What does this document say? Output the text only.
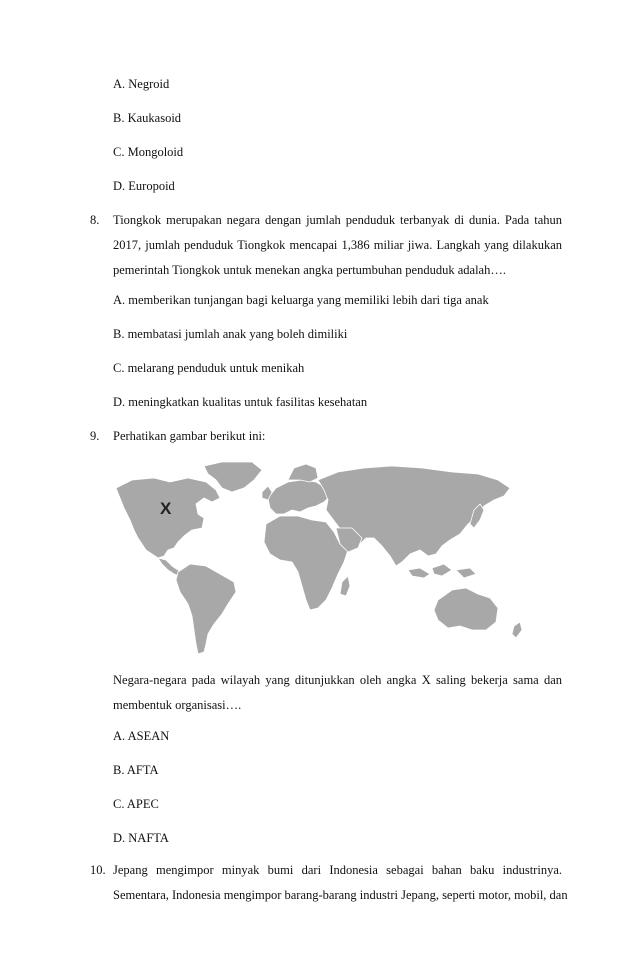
A. Negroid
B. Kaukasoid
C. Mongoloid
D. Europoid
8. Tiongkok merupakan negara dengan jumlah penduduk terbanyak di dunia. Pada tahun
2017, jumlah penduduk Tiongkok mencapai 1,386 miliar jiwa. Langkah yang dilakukan
pemerintah Tiongkok untuk menekan angka pertumbuhan penduduk adalah….
A. memberikan tunjangan bagi keluarga yang memiliki lebih dari tiga anak
B. membatasi jumlah anak yang boleh dimiliki
C. melarang penduduk untuk menikah
D. meningkatkan kualitas untuk fasilitas kesehatan
9. Perhatikan gambar berikut ini:
X
Negara-negara pada wilayah yang ditunjukkan oleh angka X saling bekerja sama dan
membentuk organisasi….
A. ASEAN
B. AFTA
C. APEC
D. NAFTA
10. Jepang mengimpor minyak bumi dari Indonesia sebagai bahan baku industrinya.
Sementara, Indonesia mengimpor barang-barang industri Jepang, seperti motor, mobil, dan
